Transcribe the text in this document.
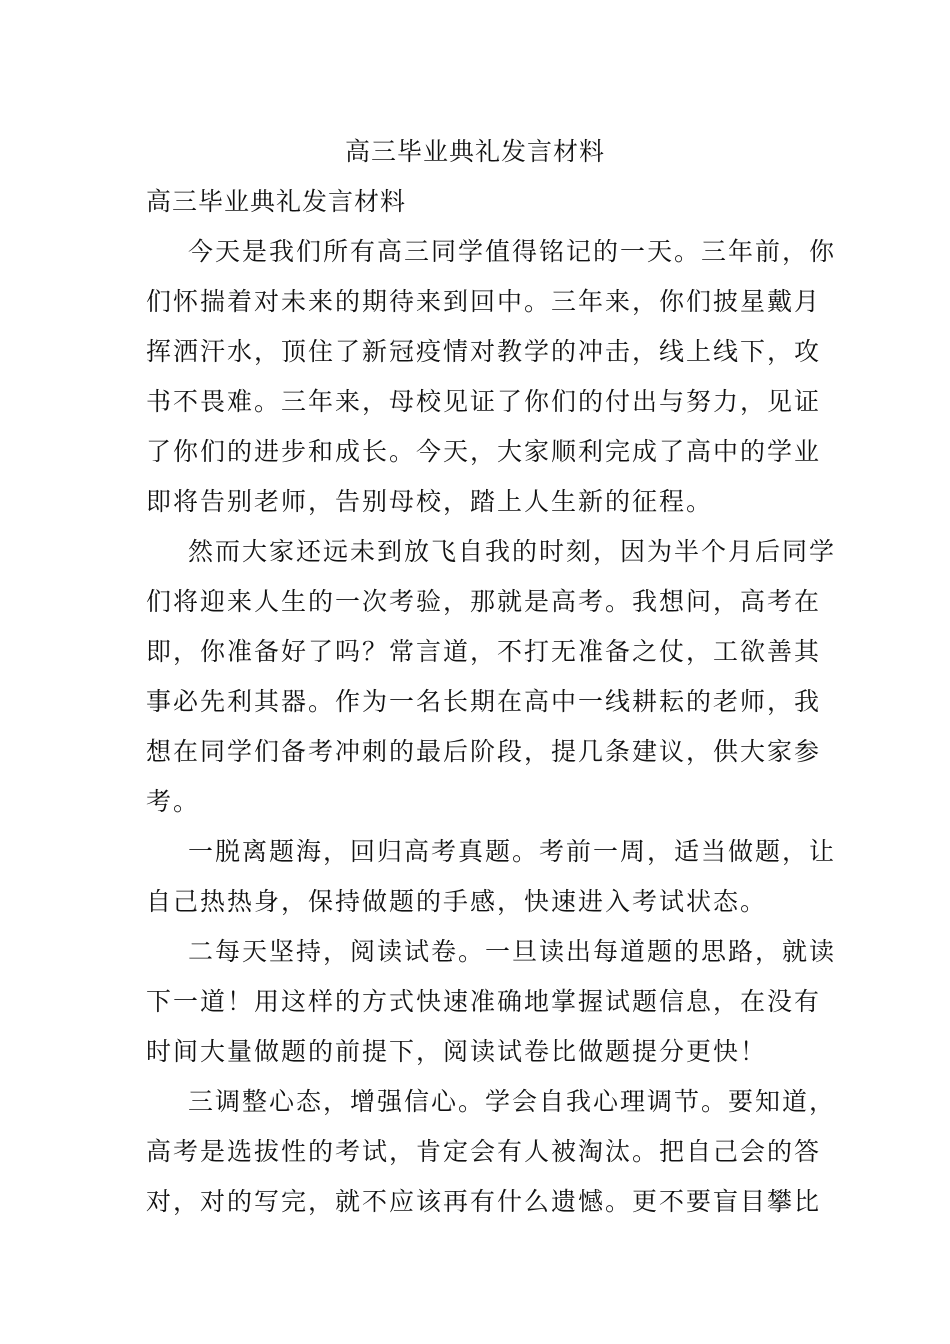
高三毕业典礼发言材料
高三毕业典礼发言材料
今天是我们所有高三同学值得铭记的一天。三年前，你
们怀揣着对未来的期待来到回中。三年来，你们披星戴月
挥洒汗水，顶住了新冠疫情对教学的冲击，线上线下，攻
书不畏难。三年来，母校见证了你们的付出与努力，见证
了你们的进步和成长。今天，大家顺利完成了高中的学业
即将告别老师，告别母校，踏上人生新的征程。
然而大家还远未到放飞自我的时刻，因为半个月后同学
们将迎来人生的一次考验，那就是高考。我想问，高考在
即，你准备好了吗？常言道，不打无准备之仗，工欲善其
事必先利其器。作为一名长期在高中一线耕耘的老师，我
想在同学们备考冲刺的最后阶段，提几条建议，供大家参
考。
一脱离题海，回归高考真题。考前一周，适当做题，让
自己热热身，保持做题的手感，快速进入考试状态。
二每天坚持，阅读试卷。一旦读出每道题的思路，就读
下一道！用这样的方式快速准确地掌握试题信息，在没有
时间大量做题的前提下，阅读试卷比做题提分更快！
三调整心态，增强信心。学会自我心理调节。要知道，
高考是选拔性的考试，肯定会有人被淘汰。把自己会的答
对，对的写完，就不应该再有什么遗憾。更不要盲目攀比
